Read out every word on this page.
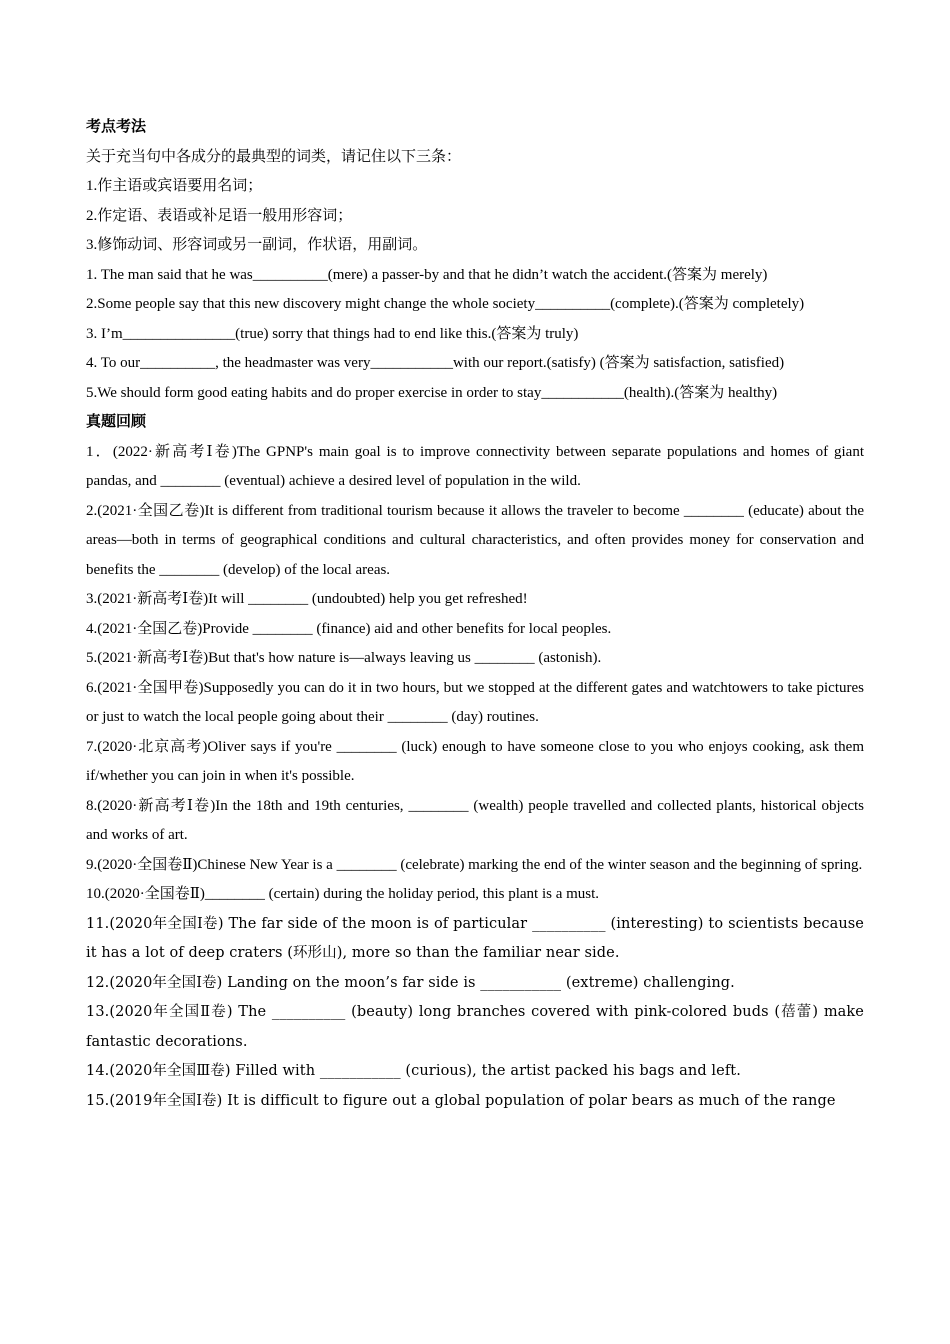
考点考法

关于充当句中各成分的最典型的词类，请记住以下三条：

1.作主语或宾语要用名词；

2.作定语、表语或补足语一般用形容词；

3.修饰动词、形容词或另一副词，作状语，用副词。

1. The man said that he was__________(mere) a passer-by and that he didn’t watch the accident.(答案为 merely)

2.Some people say that this new discovery might change the whole society__________(complete).(答案为 completely)

3. I’m_______________(true) sorry that things had to end like this.(答案为 truly)

4. To our__________, the headmaster was very___________with our report.(satisfy) (答案为 satisfaction, satisfied)

5.We should form good eating habits and do proper exercise in order to stay___________(health).(答案为 healthy)

真题回顾

1．(2022·新高考Ⅰ卷)The GPNP's main goal is to improve connectivity between separate populations and homes of giant pandas, and ________ (eventual) achieve a desired level of population in the wild.

2.(2021·全国乙卷)It is different from traditional tourism because it allows the traveler to become ________ (educate) about the areas—both in terms of geographical conditions and cultural characteristics, and often provides money for conservation and benefits the ________ (develop) of the local areas.

3.(2021·新高考Ⅰ卷)It will ________ (undoubted) help you get refreshed!

4.(2021·全国乙卷)Provide ________ (finance) aid and other benefits for local peoples.

5.(2021·新高考Ⅰ卷)But that's how nature is—always leaving us ________ (astonish).

6.(2021·全国甲卷)Supposedly you can do it in two hours, but we stopped at the different gates and watchtowers to take pictures or just to watch the local people going about their ________ (day) routines.

7.(2020·北京高考)Oliver says if you're ________ (luck) enough to have someone close to you who enjoys cooking, ask them if/whether you can join in when it's possible.

8.(2020·新高考Ⅰ卷)In the 18th and 19th centuries, ________ (wealth) people travelled and collected plants, historical objects and works of art.

9.(2020·全国卷Ⅱ)Chinese New Year is a ________ (celebrate) marking the end of the winter season and the beginning of spring.

10.(2020·全国卷Ⅱ)________ (certain) during the holiday period, this plant is a must.

11.(2020年全国Ⅰ卷) The far side of the moon is of particular __________ (interesting) to scientists because it has a lot of deep craters (环形山), more so than the familiar near side.

12.(2020年全国Ⅰ卷) Landing on the moon’s far side is ___________ (extreme) challenging.

13.(2020年全国Ⅱ卷) The __________ (beauty) long branches covered with pink-colored buds (蓓蕾) make fantastic decorations.

14.(2020年全国Ⅲ卷) Filled with ___________ (curious), the artist packed his bags and left.

15.(2019年全国Ⅰ卷) It is difficult to figure out a global population of polar bears as much of the range
